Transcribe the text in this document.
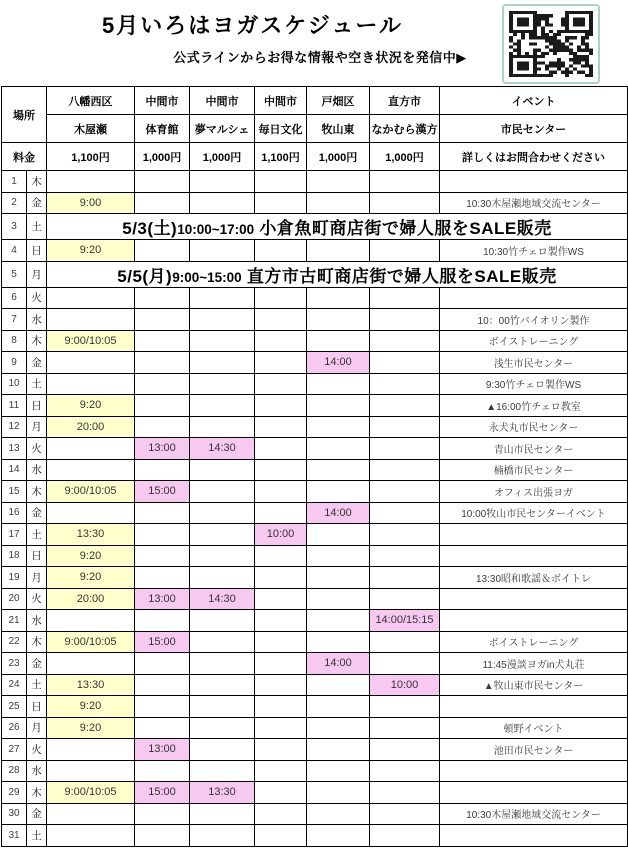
5月いろはヨガスケジュール
公式ラインからお得な情報や空き状況を発信中▶
場所		八幡西区	中間市	中間市	中間市	戸畑区	直方市	イベント
		木屋瀬	体育館	夢マルシェ	毎日文化	牧山東	なかむら漢方	市民センター
料金		1,100円	1,000円	1,000円	1,100円	1,000円	1,000円	詳しくはお問合わせください
1	木							
2	金	9:00						10:30木屋瀬地域交流センター
3	土	5/3(土)10:00~17:00 小倉魚町商店街で婦人服をSALE販売						
4	日	9:20						10:30竹チェロ製作WS
5	月	5/5(月)9:00~15:00 直方市古町商店街で婦人服をSALE販売						
6	火							
7	水							10：00竹バイオリン製作
8	木	9:00/10:05						ボイストレーニング
9	金					14:00		浅生市民センター
10	土							9:30竹チェロ製作WS
11	日	9:20						▲16:00竹チェロ教室
12	月	20:00						永犬丸市民センター
13	火		13:00	14:30				青山市民センター
14	水							楠橋市民センター
15	木	9:00/10:05	15:00					オフィス出張ヨガ
16	金					14:00		10:00牧山市民センターイベント
17	土	13:30			10:00			
18	日	9:20						
19	月	9:20						13:30昭和歌謡＆ボイトレ
20	火	20:00	13:00	14:30				
21	水						14:00/15:15	
22	木	9:00/10:05	15:00					ボイストレーニング
23	金					14:00		11:45漫談ヨガin犬丸荘
24	土	13:30					10:00	▲牧山東市民センター
25	日	9:20						
26	月	9:20						頓野イベント
27	火		13:00					池田市民センター
28	水							
29	木	9:00/10:05	15:00	13:30				
30	金							10:30木屋瀬地域交流センター
31	土							
